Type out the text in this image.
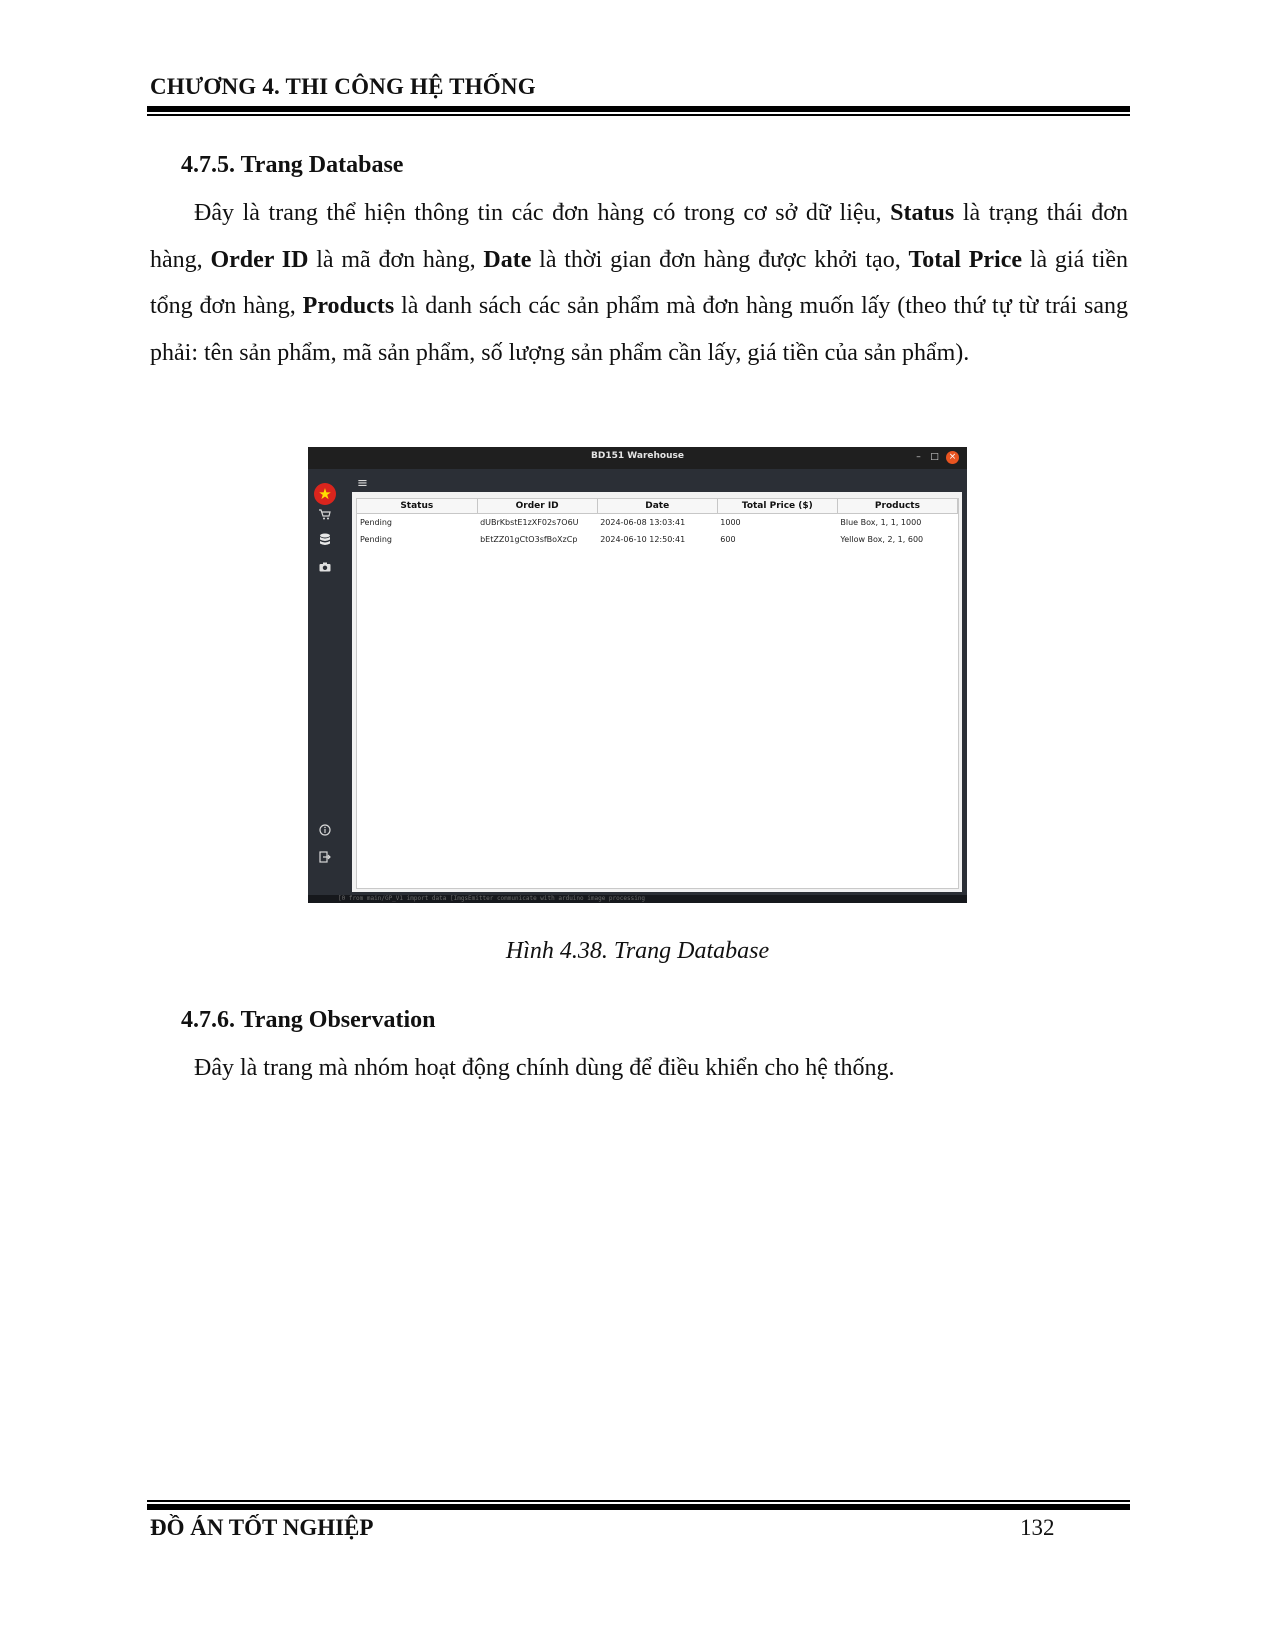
CHƯƠNG 4. THI CÔNG HỆ THỐNG
4.7.5. Trang Database
Đây là trang thể hiện thông tin các đơn hàng có trong cơ sở dữ liệu, Status là trạng thái đơn hàng, Order ID là mã đơn hàng, Date là thời gian đơn hàng được khởi tạo, Total Price là giá tiền tổng đơn hàng, Products là danh sách các sản phẩm mà đơn hàng muốn lấy (theo thứ tự từ trái sang phải: tên sản phẩm, mã sản phẩm, số lượng sản phẩm cần lấy, giá tiền của sản phẩm).
BD151 Warehouse	–	□	×
★
≡
Status	Order ID	Date	Total Price ($)	Products
Pending	dUBrKbstE1zXF02s7O6U	2024-06-08 13:03:41	1000	Blue Box, 1, 1, 1000
Pending	bEtZZ01gCtO3sfBoXzCp	2024-06-10 12:50:41	600	Yellow Box, 2, 1, 600
[0 from main/GP_V1 import data [ImgsEmitter communicate with arduino image processing
Hình 4.38. Trang Database
4.7.6. Trang Observation
Đây là trang mà nhóm hoạt động chính dùng để điều khiển cho hệ thống.
ĐỒ ÁN TỐT NGHIỆP	132
